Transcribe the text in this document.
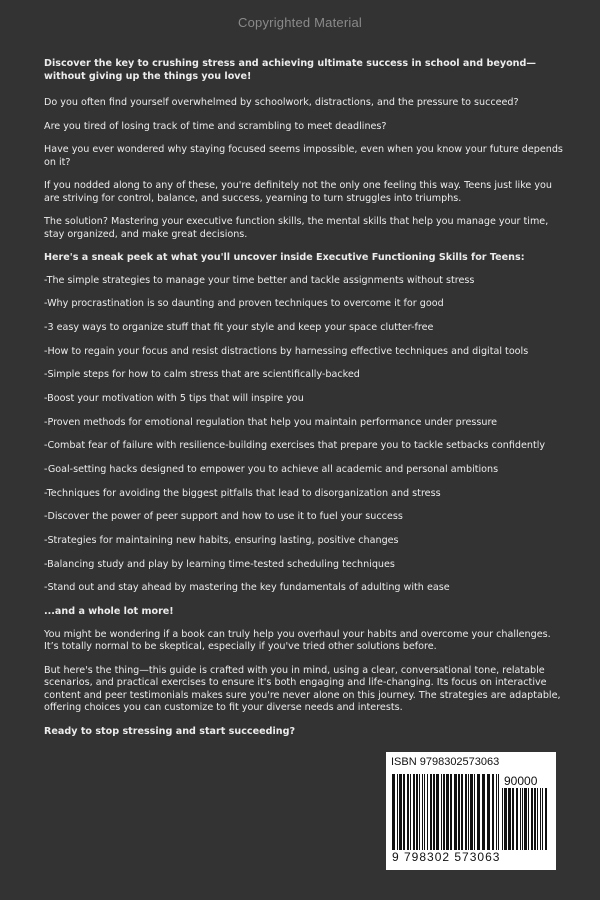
Copyrighted Material

Discover the key to crushing stress and achieving ultimate success in school and beyond—without giving up the things you love!

Do you often find yourself overwhelmed by schoolwork, distractions, and the pressure to succeed?

Are you tired of losing track of time and scrambling to meet deadlines?

Have you ever wondered why staying focused seems impossible, even when you know your future depends on it?

If you nodded along to any of these, you're definitely not the only one feeling this way. Teens just like you are striving for control, balance, and success, yearning to turn struggles into triumphs.

The solution? Mastering your executive function skills, the mental skills that help you manage your time, stay organized, and make great decisions.

Here's a sneak peek at what you'll uncover inside Executive Functioning Skills for Teens:

-The simple strategies to manage your time better and tackle assignments without stress

-Why procrastination is so daunting and proven techniques to overcome it for good

-3 easy ways to organize stuff that fit your style and keep your space clutter-free

-How to regain your focus and resist distractions by harnessing effective techniques and digital tools

-Simple steps for how to calm stress that are scientifically-backed

-Boost your motivation with 5 tips that will inspire you

-Proven methods for emotional regulation that help you maintain performance under pressure

-Combat fear of failure with resilience-building exercises that prepare you to tackle setbacks confidently

-Goal-setting hacks designed to empower you to achieve all academic and personal ambitions

-Techniques for avoiding the biggest pitfalls that lead to disorganization and stress

-Discover the power of peer support and how to use it to fuel your success

-Strategies for maintaining new habits, ensuring lasting, positive changes

-Balancing study and play by learning time-tested scheduling techniques

-Stand out and stay ahead by mastering the key fundamentals of adulting with ease

...and a whole lot more!

You might be wondering if a book can truly help you overhaul your habits and overcome your challenges. It’s totally normal to be skeptical, especially if you've tried other solutions before.

But here's the thing—this guide is crafted with you in mind, using a clear, conversational tone, relatable scenarios, and practical exercises to ensure it's both engaging and life-changing. Its focus on interactive content and peer testimonials makes sure you're never alone on this journey. The strategies are adaptable, offering choices you can customize to fit your diverse needs and interests.

Ready to stop stressing and start succeeding?

ISBN 9798302573063
90000
9 798302 573063
